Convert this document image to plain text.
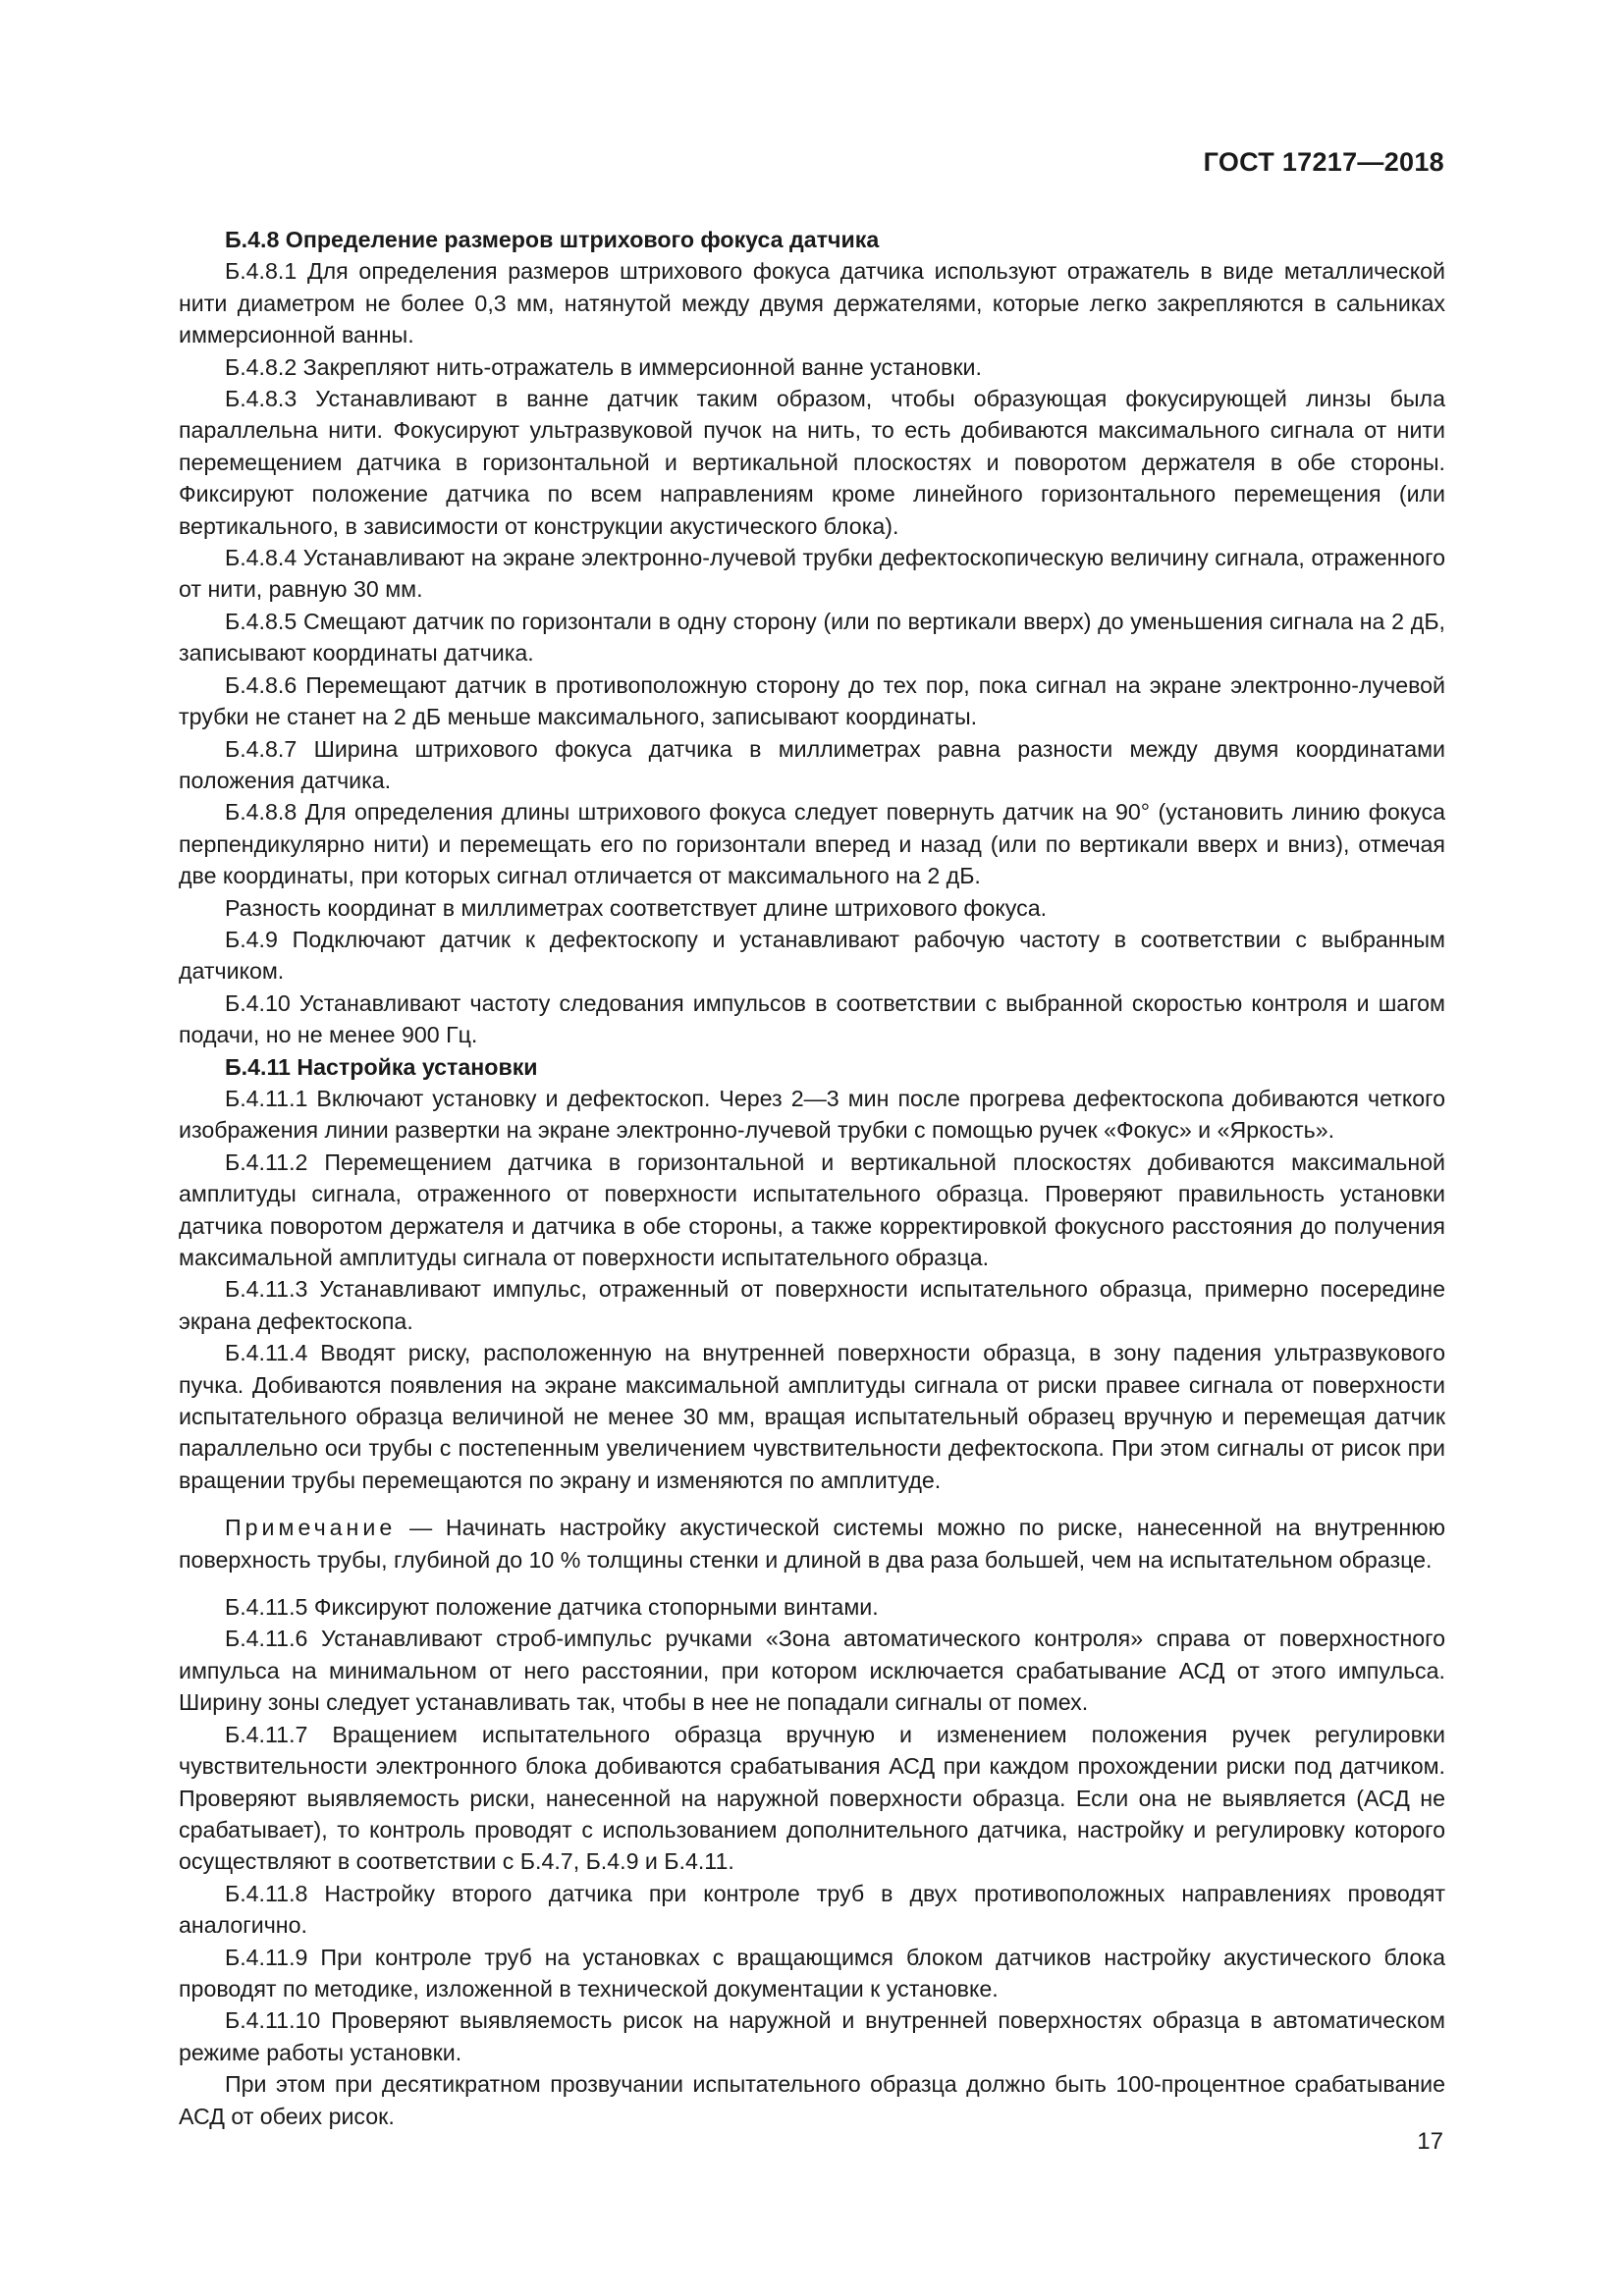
ГОСТ 17217—2018

Б.4.8 Определение размеров штрихового фокуса датчика

Б.4.8.1 Для определения размеров штрихового фокуса датчика используют отражатель в виде металлической нити диаметром не более 0,3 мм, натянутой между двумя держателями, которые легко закрепляются в сальниках иммерсионной ванны.

Б.4.8.2 Закрепляют нить-отражатель в иммерсионной ванне установки.

Б.4.8.3 Устанавливают в ванне датчик таким образом, чтобы образующая фокусирующей линзы была параллельна нити. Фокусируют ультразвуковой пучок на нить, то есть добиваются максимального сигнала от нити перемещением датчика в горизонтальной и вертикальной плоскостях и поворотом держателя в обе стороны. Фиксируют положение датчика по всем направлениям кроме линейного горизонтального перемещения (или вертикального, в зависимости от конструкции акустического блока).

Б.4.8.4 Устанавливают на экране электронно-лучевой трубки дефектоскопическую величину сигнала, отраженного от нити, равную 30 мм.

Б.4.8.5 Смещают датчик по горизонтали в одну сторону (или по вертикали вверх) до уменьшения сигнала на 2 дБ, записывают координаты датчика.

Б.4.8.6 Перемещают датчик в противоположную сторону до тех пор, пока сигнал на экране электронно-лучевой трубки не станет на 2 дБ меньше максимального, записывают координаты.

Б.4.8.7 Ширина штрихового фокуса датчика в миллиметрах равна разности между двумя координатами положения датчика.

Б.4.8.8 Для определения длины штрихового фокуса следует повернуть датчик на 90° (установить линию фокуса перпендикулярно нити) и перемещать его по горизонтали вперед и назад (или по вертикали вверх и вниз), отмечая две координаты, при которых сигнал отличается от максимального на 2 дБ.

Разность координат в миллиметрах соответствует длине штрихового фокуса.

Б.4.9 Подключают датчик к дефектоскопу и устанавливают рабочую частоту в соответствии с выбранным датчиком.

Б.4.10 Устанавливают частоту следования импульсов в соответствии с выбранной скоростью контроля и шагом подачи, но не менее 900 Гц.

Б.4.11 Настройка установки

Б.4.11.1 Включают установку и дефектоскоп. Через 2—3 мин после прогрева дефектоскопа добиваются четкого изображения линии развертки на экране электронно-лучевой трубки с помощью ручек «Фокус» и «Яркость».

Б.4.11.2 Перемещением датчика в горизонтальной и вертикальной плоскостях добиваются максимальной амплитуды сигнала, отраженного от поверхности испытательного образца. Проверяют правильность установки датчика поворотом держателя и датчика в обе стороны, а также корректировкой фокусного расстояния до получения максимальной амплитуды сигнала от поверхности испытательного образца.

Б.4.11.3 Устанавливают импульс, отраженный от поверхности испытательного образца, примерно посередине экрана дефектоскопа.

Б.4.11.4 Вводят риску, расположенную на внутренней поверхности образца, в зону падения ультразвукового пучка. Добиваются появления на экране максимальной амплитуды сигнала от риски правее сигнала от поверхности испытательного образца величиной не менее 30 мм, вращая испытательный образец вручную и перемещая датчик параллельно оси трубы с постепенным увеличением чувствительности дефектоскопа. При этом сигналы от рисок при вращении трубы перемещаются по экрану и изменяются по амплитуде.

Примечание — Начинать настройку акустической системы можно по риске, нанесенной на внутреннюю поверхность трубы, глубиной до 10 % толщины стенки и длиной в два раза большей, чем на испытательном образце.

Б.4.11.5 Фиксируют положение датчика стопорными винтами.

Б.4.11.6 Устанавливают строб-импульс ручками «Зона автоматического контроля» справа от поверхностного импульса на минимальном от него расстоянии, при котором исключается срабатывание АСД от этого импульса. Ширину зоны следует устанавливать так, чтобы в нее не попадали сигналы от помех.

Б.4.11.7 Вращением испытательного образца вручную и изменением положения ручек регулировки чувствительности электронного блока добиваются срабатывания АСД при каждом прохождении риски под датчиком. Проверяют выявляемость риски, нанесенной на наружной поверхности образца. Если она не выявляется (АСД не срабатывает), то контроль проводят с использованием дополнительного датчика, настройку и регулировку которого осуществляют в соответствии с Б.4.7, Б.4.9 и Б.4.11.

Б.4.11.8 Настройку второго датчика при контроле труб в двух противоположных направлениях проводят аналогично.

Б.4.11.9 При контроле труб на установках с вращающимся блоком датчиков настройку акустического блока проводят по методике, изложенной в технической документации к установке.

Б.4.11.10 Проверяют выявляемость рисок на наружной и внутренней поверхностях образца в автоматическом режиме работы установки.

При этом при десятикратном прозвучании испытательного образца должно быть 100-процентное срабатывание АСД от обеих рисок.

17
